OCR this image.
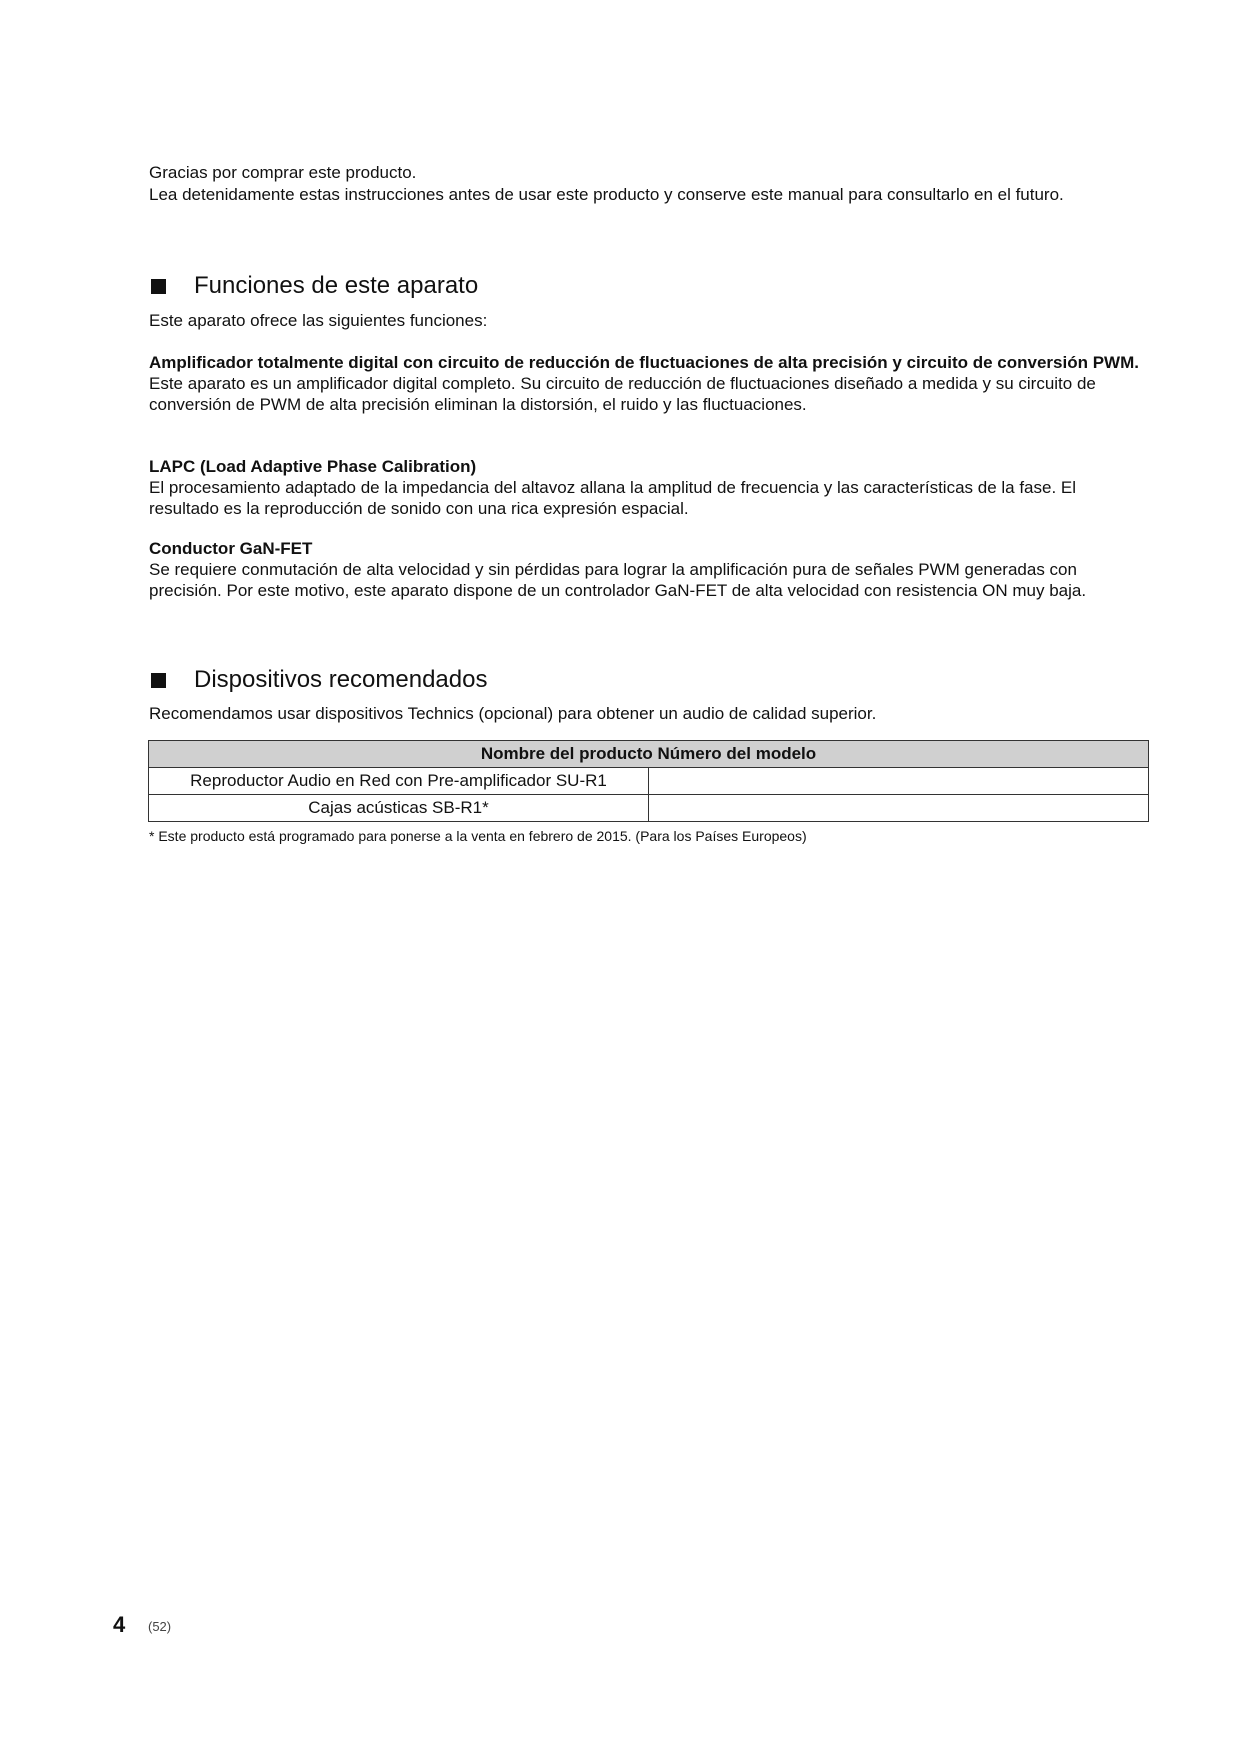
Gracias por comprar este producto.

Lea detenidamente estas instrucciones antes de usar este producto y conserve este manual para consultarlo en el futuro.

Funciones de este aparato

Este aparato ofrece las siguientes funciones:

Amplificador totalmente digital con circuito de reducción de fluctuaciones de alta precisión y circuito de conversión PWM.

Este aparato es un amplificador digital completo. Su circuito de reducción de fluctuaciones diseñado a medida y su circuito de conversión de PWM de alta precisión eliminan la distorsión, el ruido y las fluctuaciones.

LAPC (Load Adaptive Phase Calibration)

El procesamiento adaptado de la impedancia del altavoz allana la amplitud de frecuencia y las características de la fase. El resultado es la reproducción de sonido con una rica expresión espacial.

Conductor GaN-FET

Se requiere conmutación de alta velocidad y sin pérdidas para lograr la amplificación pura de señales PWM generadas con precisión. Por este motivo, este aparato dispone de un controlador GaN-FET de alta velocidad con resistencia ON muy baja.

Dispositivos recomendados

Recomendamos usar dispositivos Technics (opcional) para obtener un audio de calidad superior.

Nombre del producto Número del modelo	
Reproductor Audio en Red con Pre-amplificador SU-R1	
Cajas acústicas SB-R1*	

* Este producto está programado para ponerse a la venta en febrero de 2015. (Para los Países Europeos)

4 (52)
